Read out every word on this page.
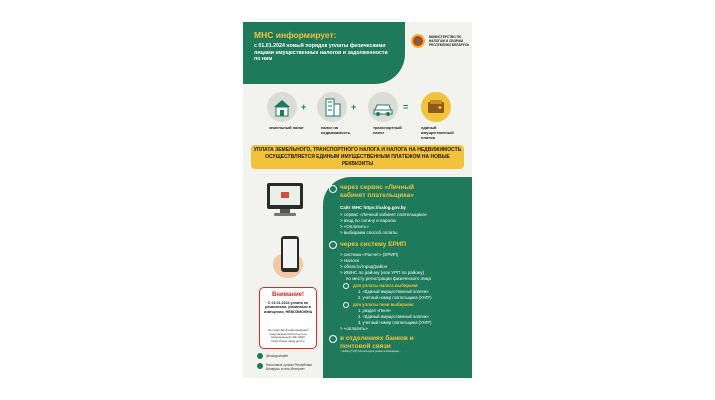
МНС информирует:
с 01.01.2024 новый порядок уплаты физическими лицами имущественных налогов и задолженности по ним
МИНИСТЕРСТВО ПО НАЛОГАМ И СБОРАМ РЕСПУБЛИКИ БЕЛАРУСЬ
земельный налог
+
налог на недвижимость
+
транспортный налог
=
единый имущественный платеж
УПЛАТА ЗЕМЕЛЬНОГО, ТРАНСПОРТНОГО НАЛОГА И НАЛОГА НА НЕДВИЖИМОСТЬ
ОСУЩЕСТВЛЯЕТСЯ ЕДИНЫМ ИМУЩЕСТВЕННЫМ ПЛАТЕЖОМ НА НОВЫЕ РЕКВИЗИТЫ
Внимание!
С 01.01.2024 уплата по реквизитам, указанным в извещении, НЕВОЗМОЖНА
За подробной информацией предлагаем обратиться на официальный сайт МНС https://www.nalog.gov.by
@nalogovkabel
Налоговые органы Республики Беларусь в сети Интернет
через сервис «Личный кабинет плательщика»
Сайт МНС https://nalog.gov.by
> сервис «Личный кабинет плательщика»
> вход по логину и паролю
> «Оплатить»
> выбираем способ оплаты
через систему ЕРИП
> система «Расчет» (ЕРИП)
> Налоги
> область/город/район
> ИМНС по району (или УРП по району)
по месту регистрации физического лица
для уплаты налога выбираем:
1. «Единый имущественный платеж»
2. учетный номер плательщика (УНП*)
для уплаты пени выбираем:
1. раздел «Пеня»
2. «Единый имущественный платеж»
3. учетный номер плательщика (УНП*)
> «оплатить»
в отделениях банков и почтовой связи
* Номер (УНП) плательщика указан в извещении...
